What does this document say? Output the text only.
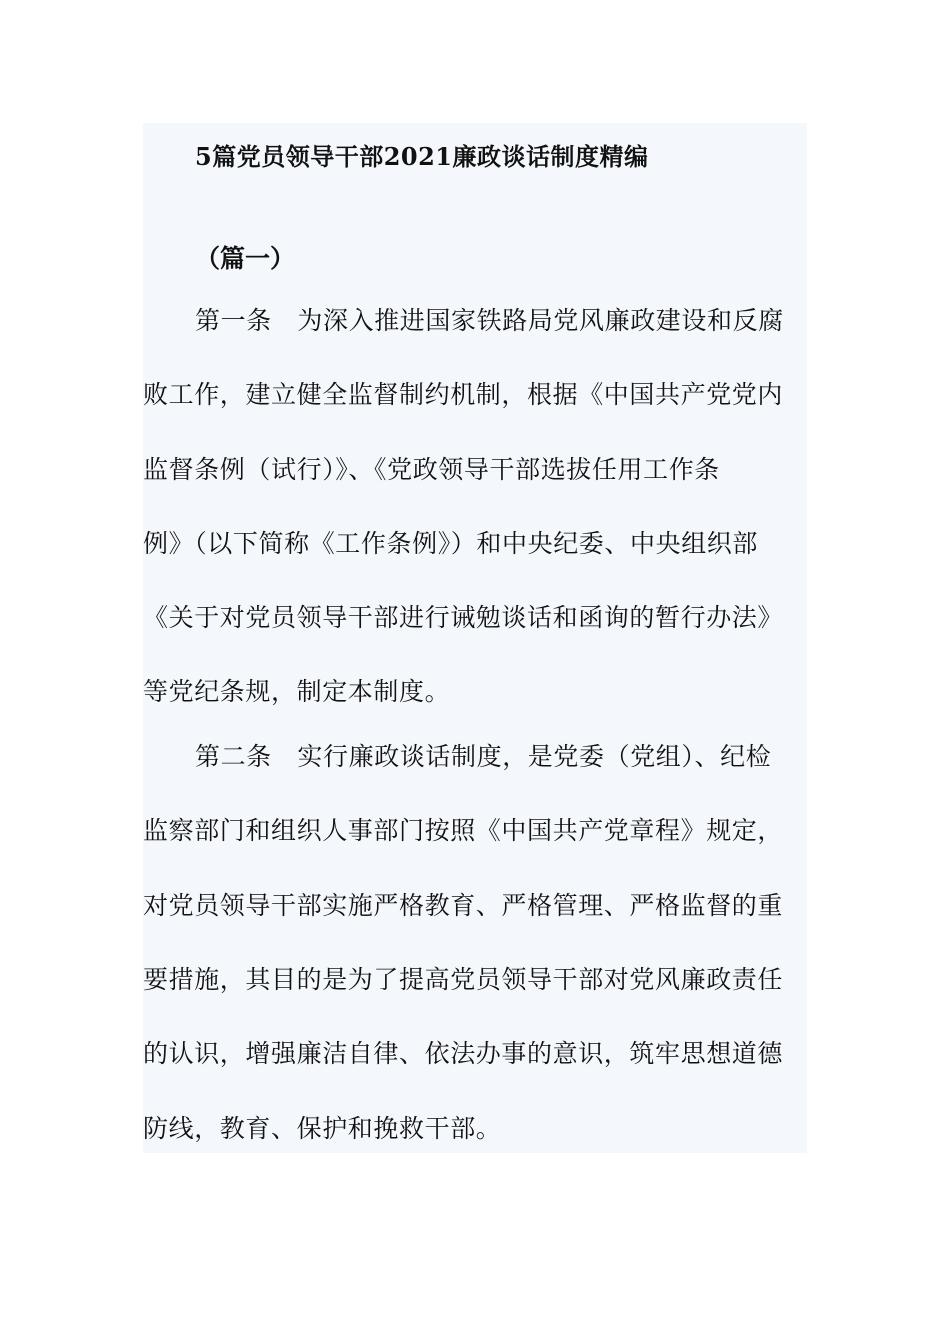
5篇党员领导干部2021廉政谈话制度精编
（篇一）

第一条　为深入推进国家铁路局党风廉政建设和反腐

败工作，建立健全监督制约机制，根据《中国共产党党内

监督条例（试行）》、《党政领导干部选拔任用工作条

例》（以下简称《工作条例》）和中央纪委、中央组织部

《关于对党员领导干部进行诫勉谈话和函询的暂行办法》

等党纪条规，制定本制度。

第二条　实行廉政谈话制度，是党委（党组）、纪检

监察部门和组织人事部门按照《中国共产党章程》规定，

对党员领导干部实施严格教育、严格管理、严格监督的重

要措施，其目的是为了提高党员领导干部对党风廉政责任

的认识，增强廉洁自律、依法办事的意识，筑牢思想道德

防线，教育、保护和挽救干部。
